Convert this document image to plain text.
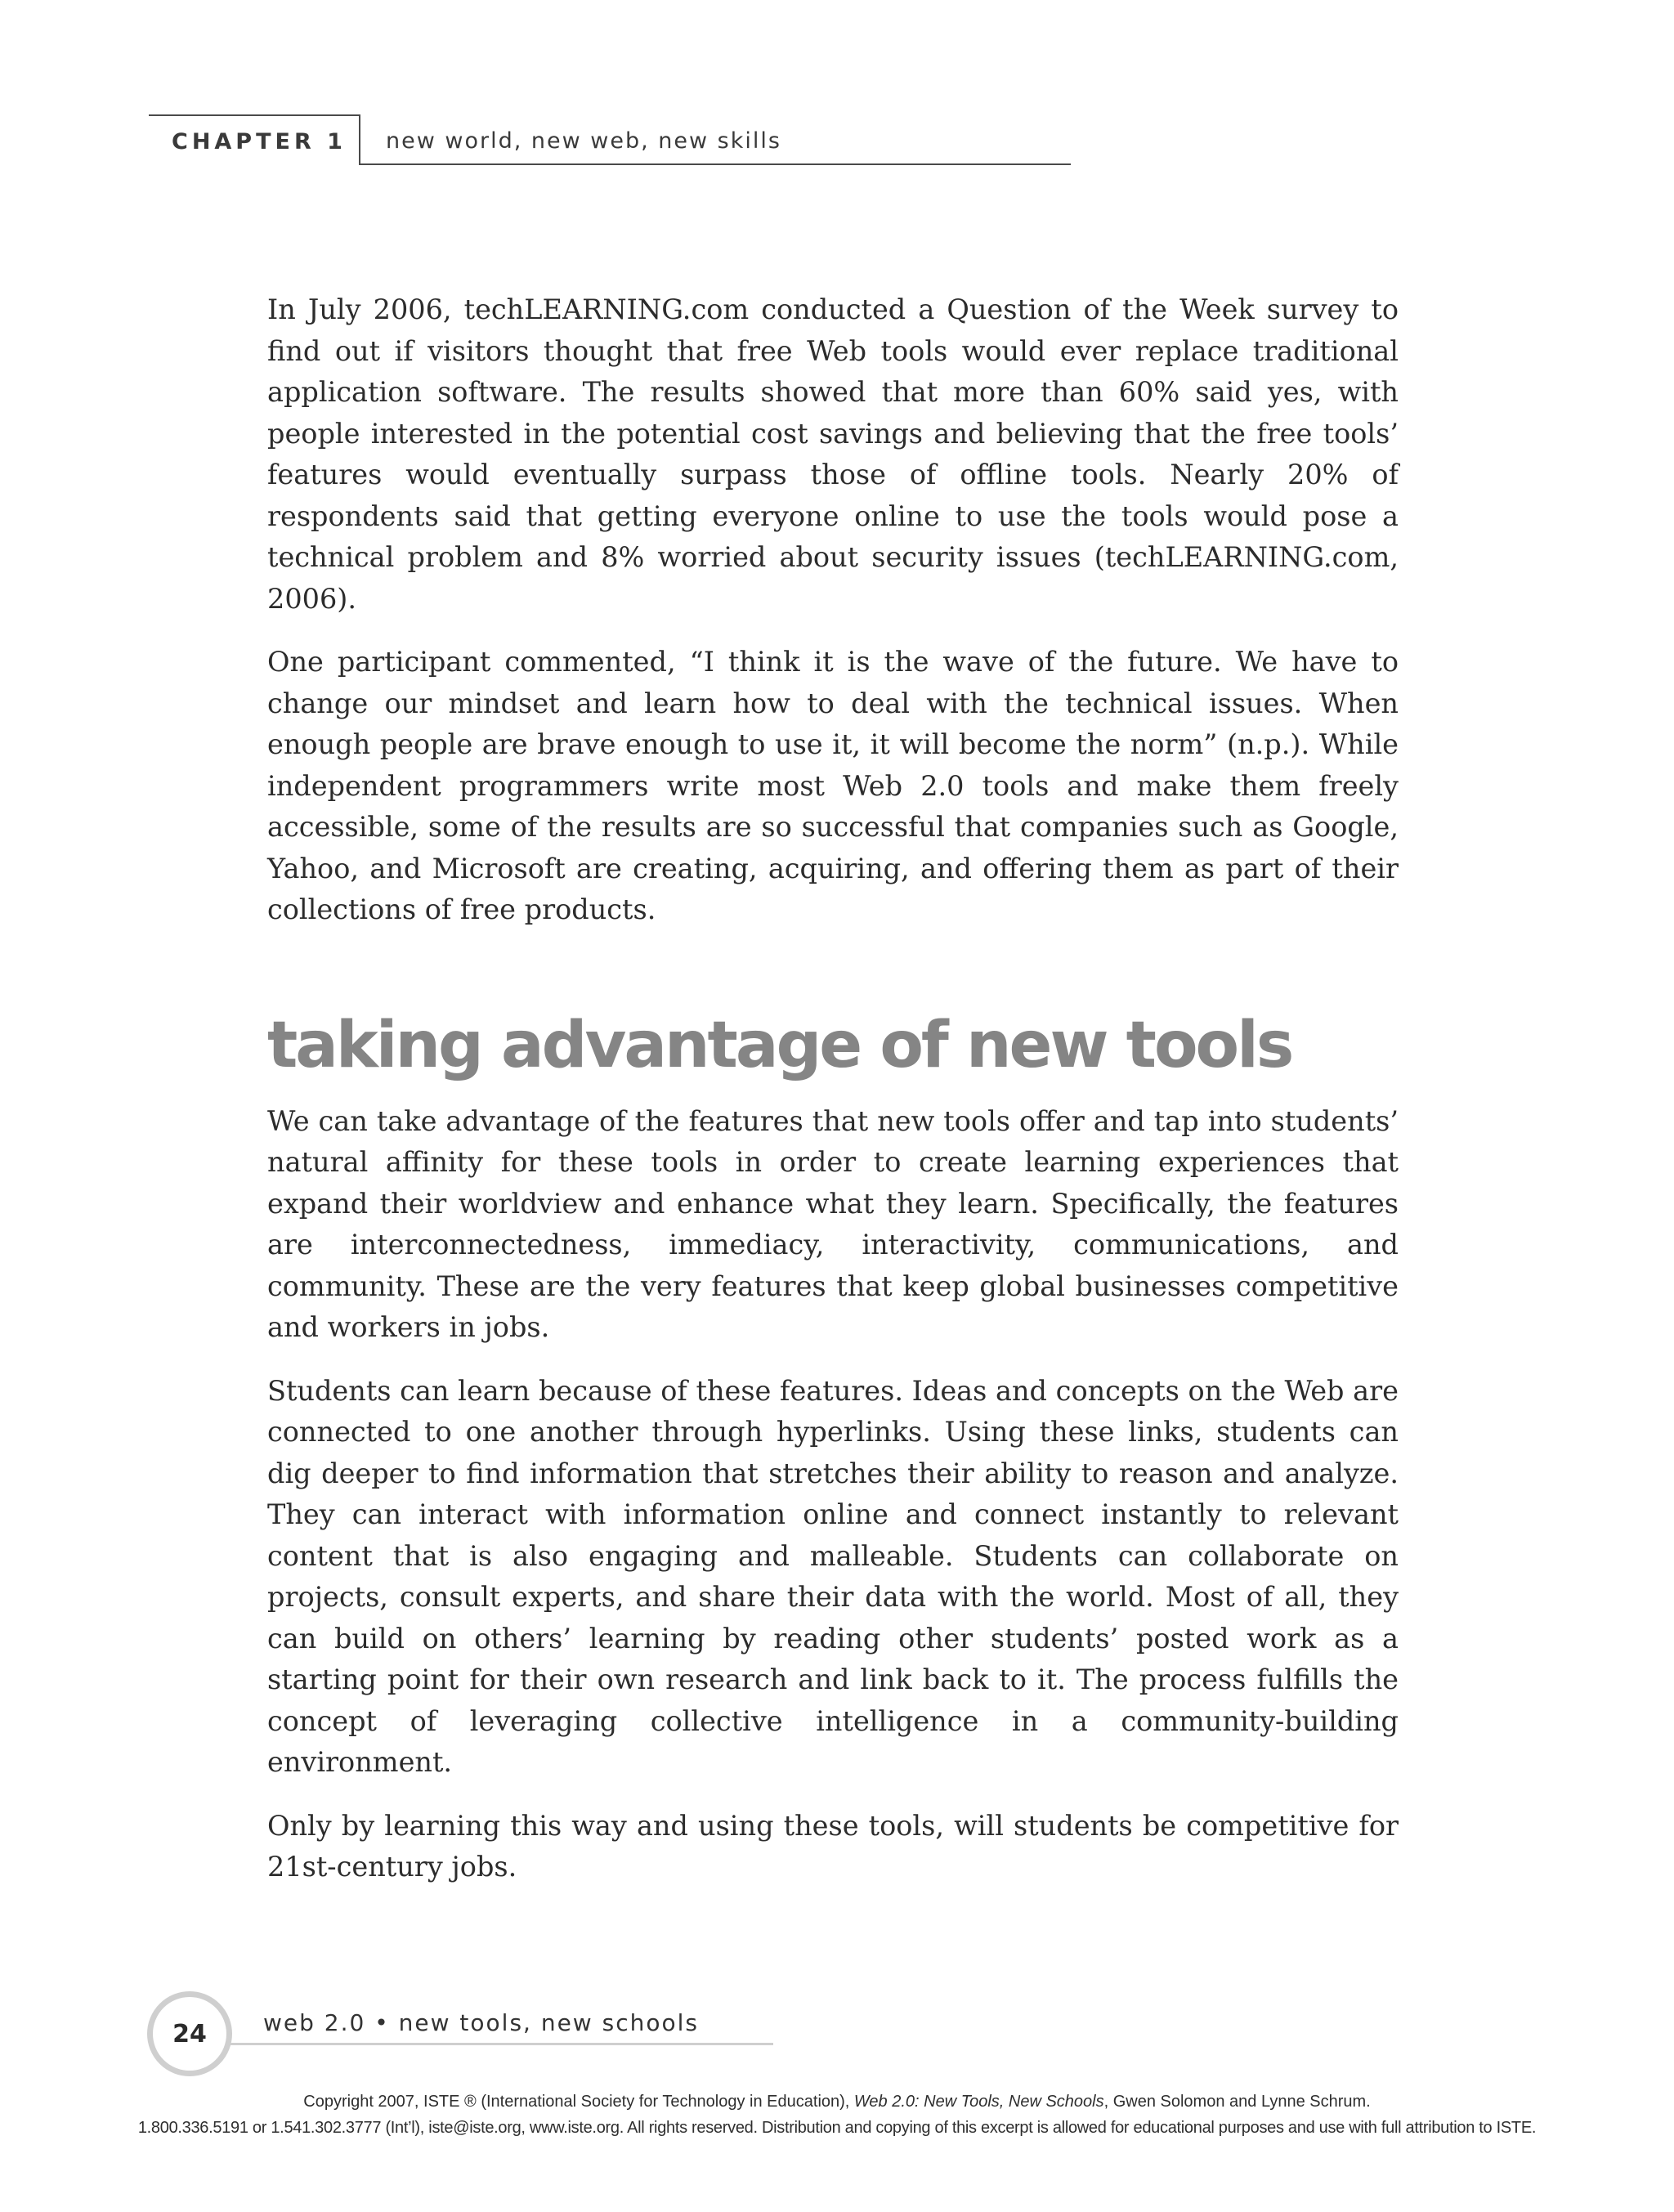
CHAPTER 1 new world, new web, new skills

In July 2006, techLEARNING.com conducted a Question of the Week survey to find out if visitors thought that free Web tools would ever replace traditional application software. The results showed that more than 60% said yes, with people interested in the potential cost savings and believing that the free tools’ features would eventually surpass those of offline tools. Nearly 20% of respondents said that getting everyone online to use the tools would pose a technical problem and 8% worried about security issues (techLEARNING.com, 2006).

One participant commented, “I think it is the wave of the future. We have to change our mindset and learn how to deal with the technical issues. When enough people are brave enough to use it, it will become the norm” (n.p.). While independent programmers write most Web 2.0 tools and make them freely accessible, some of the results are so successful that companies such as Google, Yahoo, and Microsoft are creating, acquiring, and offering them as part of their collections of free products.

taking advantage of new tools

We can take advantage of the features that new tools offer and tap into students’ natural affinity for these tools in order to create learning experiences that expand their worldview and enhance what they learn. Specifically, the features are interconnectedness, immediacy, interactivity, communications, and community. These are the very features that keep global businesses competitive and workers in jobs.

Students can learn because of these features. Ideas and concepts on the Web are connected to one another through hyperlinks. Using these links, students can dig deeper to find information that stretches their ability to reason and analyze. They can interact with information online and connect instantly to relevant content that is also engaging and malleable. Students can collaborate on projects, consult experts, and share their data with the world. Most of all, they can build on others’ learning by reading other students’ posted work as a starting point for their own research and link back to it. The process fulfills the concept of leveraging collective intelligence in a community-building environment.

Only by learning this way and using these tools, will students be competitive for 21st-century jobs.

24 web 2.0 • new tools, new schools
Copyright 2007, ISTE ® (International Society for Technology in Education), Web 2.0: New Tools, New Schools, Gwen Solomon and Lynne Schrum.
1.800.336.5191 or 1.541.302.3777 (Int’l), iste@iste.org, www.iste.org. All rights reserved. Distribution and copying of this excerpt is allowed for educational purposes and use with full attribution to ISTE.
